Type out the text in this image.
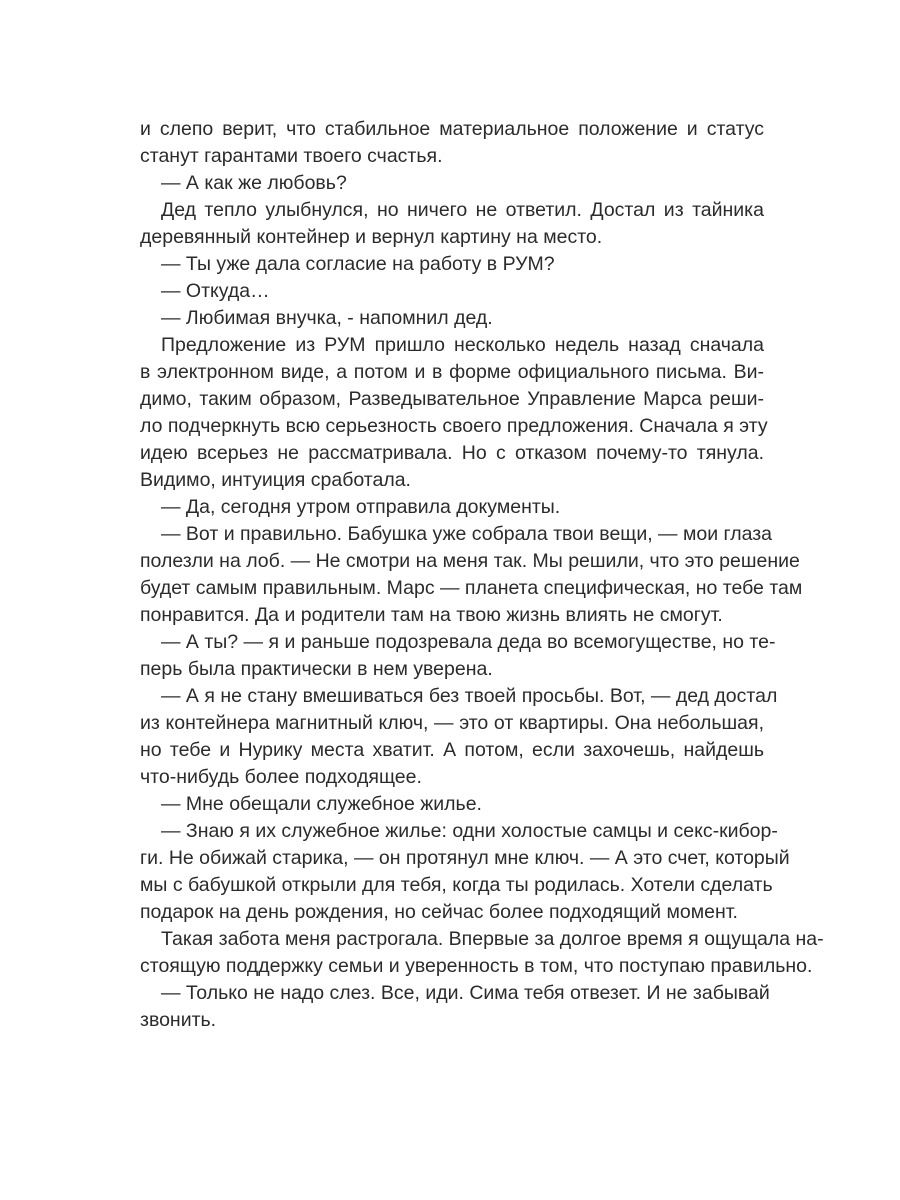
и слепо верит, что стабильное материальное положение и статус
станут гарантами твоего счастья.
— А как же любовь?
Дед тепло улыбнулся, но ничего не ответил. Достал из тайника
деревянный контейнер и вернул картину на место.
— Ты уже дала согласие на работу в РУМ?
— Откуда…
— Любимая внучка, - напомнил дед.
Предложение из РУМ пришло несколько недель назад сначала
в электронном виде, а потом и в форме официального письма. Ви-
димо, таким образом, Разведывательное Управление Марса реши-
ло подчеркнуть всю серьезность своего предложения. Сначала я эту
идею всерьез не рассматривала. Но с отказом почему-то тянула.
Видимо, интуиция сработала.
— Да, сегодня утром отправила документы.
— Вот и правильно. Бабушка уже собрала твои вещи, — мои глаза
полезли на лоб. — Не смотри на меня так. Мы решили, что это решение
будет самым правильным. Марс — планета специфическая, но тебе там
понравится. Да и родители там на твою жизнь влиять не смогут.
— А ты? — я и раньше подозревала деда во всемогуществе, но те-
перь была практически в нем уверена.
— А я не стану вмешиваться без твоей просьбы. Вот, — дед достал
из контейнера магнитный ключ, — это от квартиры. Она небольшая,
но тебе и Нурику места хватит. А потом, если захочешь, найдешь
что-нибудь более подходящее.
— Мне обещали служебное жилье.
— Знаю я их служебное жилье: одни холостые самцы и секс-кибор-
ги. Не обижай старика, — он протянул мне ключ. — А это счет, который
мы с бабушкой открыли для тебя, когда ты родилась. Хотели сделать
подарок на день рождения, но сейчас более подходящий момент.
Такая забота меня растрогала. Впервые за долгое время я ощущала на-
стоящую поддержку семьи и уверенность в том, что поступаю правильно.
— Только не надо слез. Все, иди. Сима тебя отвезет. И не забывай
звонить.
